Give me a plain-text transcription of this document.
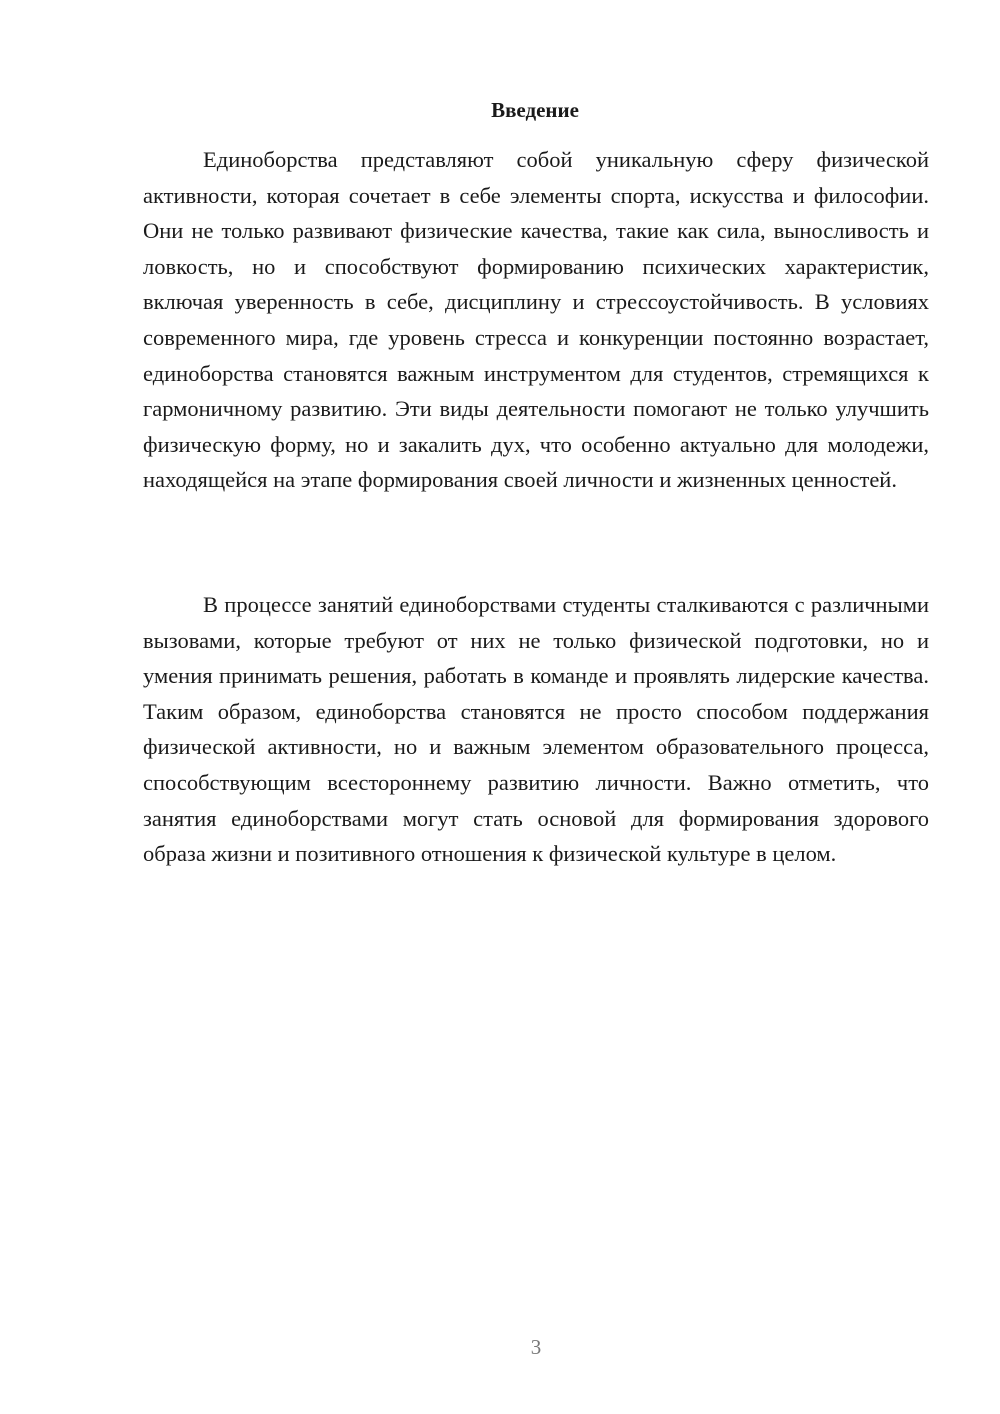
Введение

Единоборства представляют собой уникальную сферу физической активности, которая сочетает в себе элементы спорта, искусства и философии. Они не только развивают физические качества, такие как сила, выносливость и ловкость, но и способствуют формированию психических характеристик, включая уверенность в себе, дисциплину и стрессоустойчивость. В условиях современного мира, где уровень стресса и конкуренции постоянно возрастает, единоборства становятся важным инструментом для студентов, стремящихся к гармоничному развитию. Эти виды деятельности помогают не только улучшить физическую форму, но и закалить дух, что особенно актуально для молодежи, находящейся на этапе формирования своей личности и жизненных ценностей.

В процессе занятий единоборствами студенты сталкиваются с различными вызовами, которые требуют от них не только физической подготовки, но и умения принимать решения, работать в команде и проявлять лидерские качества. Таким образом, единоборства становятся не просто способом поддержания физической активности, но и важным элементом образовательного процесса, способствующим всестороннему развитию личности. Важно отметить, что занятия единоборствами могут стать основой для формирования здорового образа жизни и позитивного отношения к физической культуре в целом.

3
